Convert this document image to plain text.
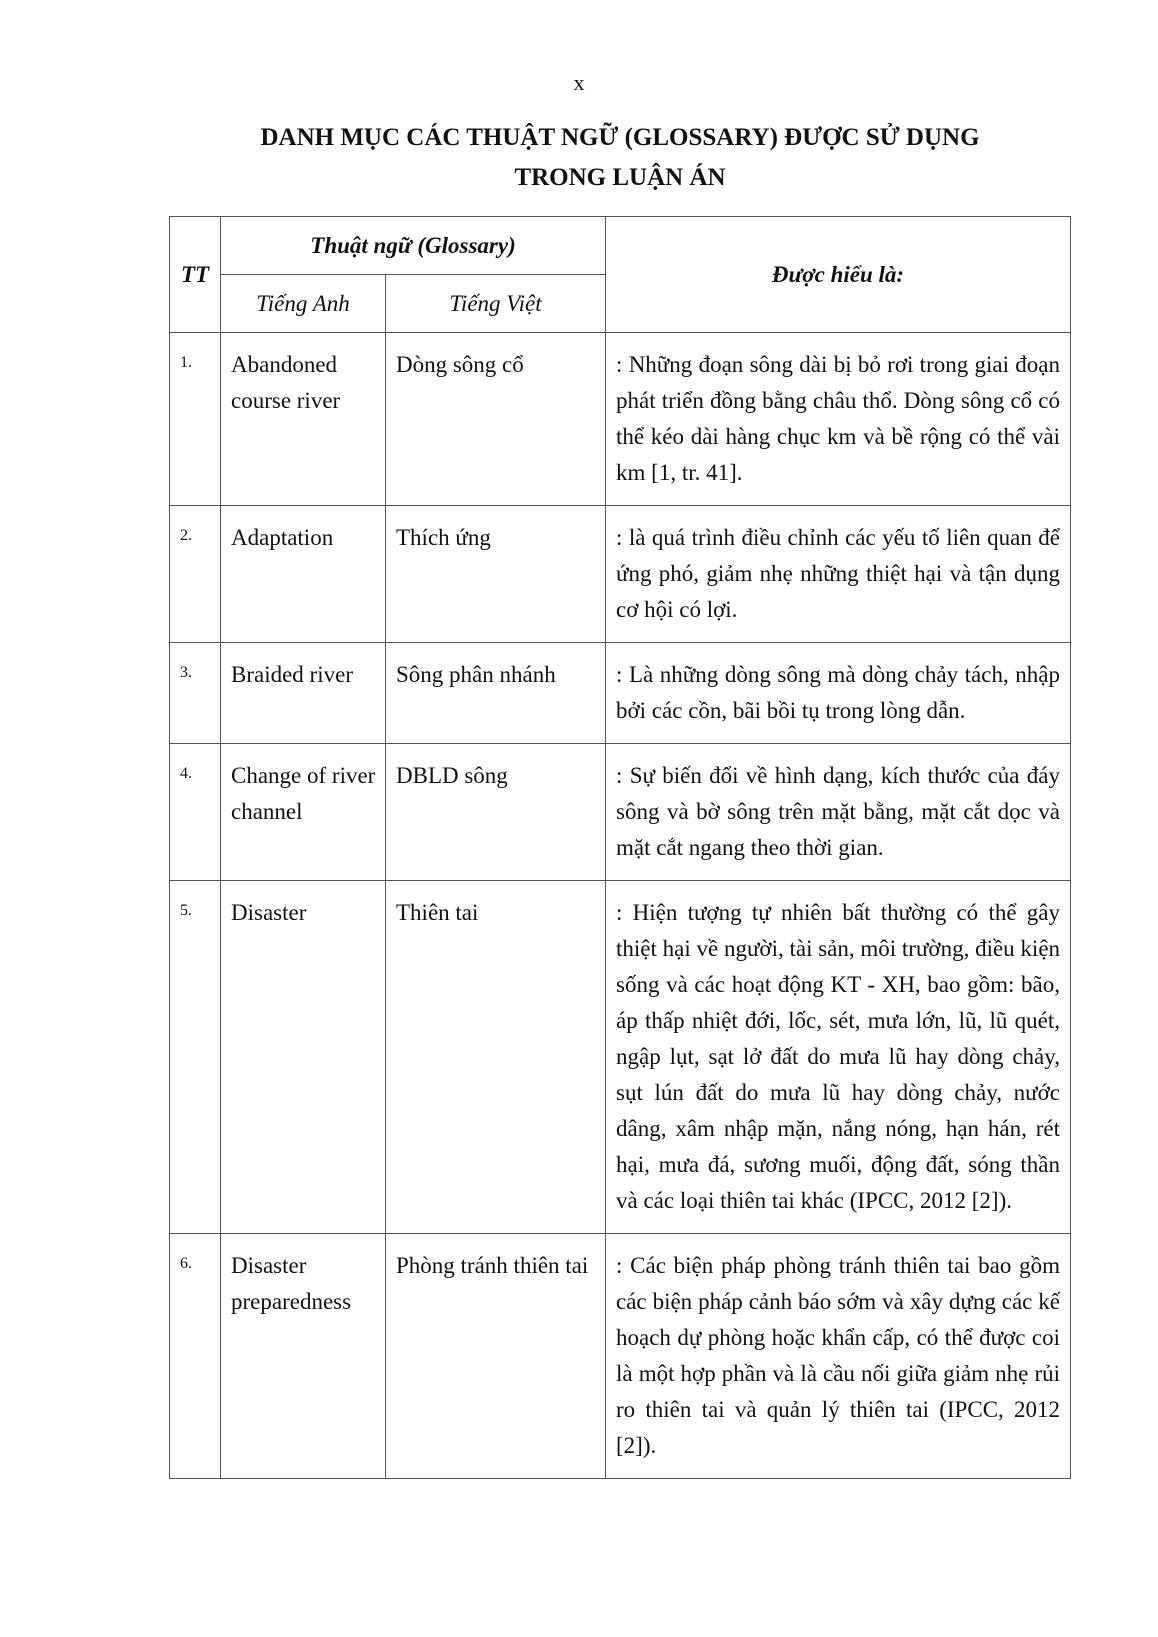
x
DANH MỤC CÁC THUẬT NGỮ (GLOSSARY) ĐƯỢC SỬ DỤNG
TRONG LUẬN ÁN
TT	Thuật ngữ (Glossary)		Được hiểu là:
	Tiếng Anh	Tiếng Việt	
1.	Abandoned course river	Dòng sông cổ	: Những đoạn sông dài bị bỏ rơi trong giai đoạn phát triển đồng bằng châu thổ. Dòng sông cổ có thể kéo dài hàng chục km và bề rộng có thể vài km [1, tr. 41].
2.	Adaptation	Thích ứng	: là quá trình điều chỉnh các yếu tố liên quan để ứng phó, giảm nhẹ những thiệt hại và tận dụng cơ hội có lợi.
3.	Braided river	Sông phân nhánh	: Là những dòng sông mà dòng chảy tách, nhập bởi các cồn, bãi bồi tụ trong lòng dẫn.
4.	Change of river channel	DBLD sông	: Sự biến đổi về hình dạng, kích thước của đáy sông và bờ sông trên mặt bằng, mặt cắt dọc và mặt cắt ngang theo thời gian.
5.	Disaster	Thiên tai	: Hiện tượng tự nhiên bất thường có thể gây thiệt hại về người, tài sản, môi trường, điều kiện sống và các hoạt động KT - XH, bao gồm: bão, áp thấp nhiệt đới, lốc, sét, mưa lớn, lũ, lũ quét, ngập lụt, sạt lở đất do mưa lũ hay dòng chảy, sụt lún đất do mưa lũ hay dòng chảy, nước dâng, xâm nhập mặn, nắng nóng, hạn hán, rét hại, mưa đá, sương muối, động đất, sóng thần và các loại thiên tai khác (IPCC, 2012 [2]).
6.	Disaster preparedness	Phòng tránh thiên tai	: Các biện pháp phòng tránh thiên tai bao gồm các biện pháp cảnh báo sớm và xây dựng các kế hoạch dự phòng hoặc khẩn cấp, có thể được coi là một hợp phần và là cầu nối giữa giảm nhẹ rủi ro thiên tai và quản lý thiên tai (IPCC, 2012 [2]).
